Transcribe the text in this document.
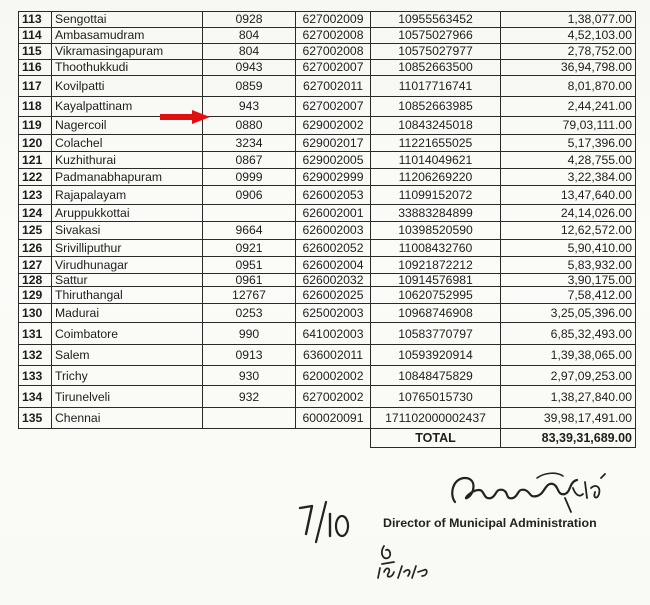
113	Sengottai	0928	627002009	10955563452	1,38,077.00
114	Ambasamudram	804	627002008	10575027966	4,52,103.00
115	Vikramasingapuram	804	627002008	10575027977	2,78,752.00
116	Thoothukkudi	0943	627002007	10852663500	36,94,798.00
117	Kovilpatti	0859	627002011	11017716741	8,01,870.00
118	Kayalpattinam	943	627002007	10852663985	2,44,241.00
119	Nagercoil	0880	629002002	10843245018	79,03,111.00
120	Colachel	3234	629002017	11221655025	5,17,396.00
121	Kuzhithurai	0867	629002005	11014049621	4,28,755.00
122	Padmanabhapuram	0999	629002999	11206269220	3,22,384.00
123	Rajapalayam	0906	626002053	11099152072	13,47,640.00
124	Aruppukkottai		626002001	33883284899	24,14,026.00
125	Sivakasi	9664	626002003	10398520590	12,62,572.00
126	Srivilliputhur	0921	626002052	11008432760	5,90,410.00
127	Virudhunagar	0951	626002004	10921872212	5,83,932.00
128	Sattur	0961	626002032	10914576981	3,90,175.00
129	Thiruthangal	12767	626002025	10620752995	7,58,412.00
130	Madurai	0253	625002003	10968746908	3,25,05,396.00
131	Coimbatore	990	641002003	10583770797	6,85,32,493.00
132	Salem	0913	636002011	10593920914	1,39,38,065.00
133	Trichy	930	620002002	10848475829	2,97,09,253.00
134	Tirunelveli	932	627002002	10765015730	1,38,27,840.00
135	Chennai		600020091	171102000002437	39,98,17,491.00
				TOTAL	83,39,31,689.00
Director of Municipal Administration
